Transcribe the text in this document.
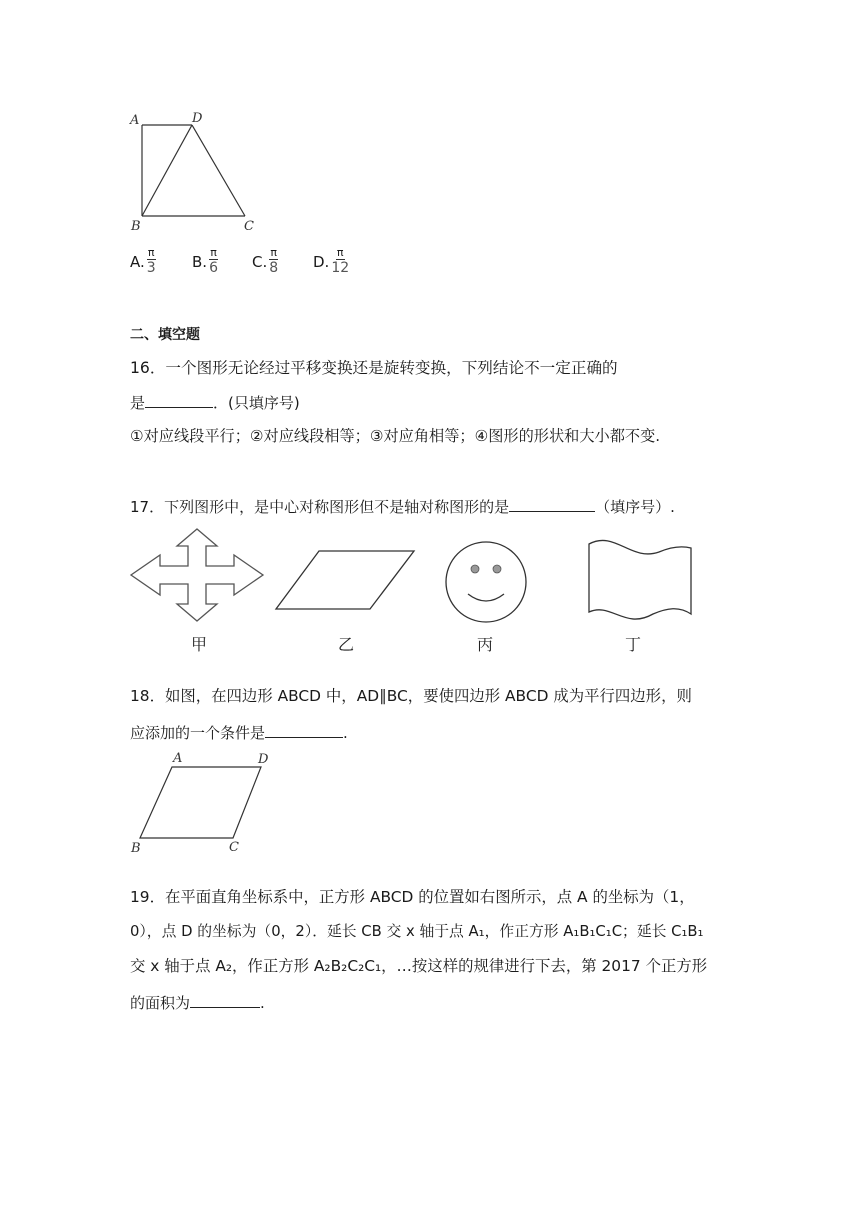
A	D
B	C
A. $\frac{\pi}{3} B$. $\frac{\pi}{6} C$. $\frac{\pi}{8} D$. $\frac{\pi}{12}$
二、填空题
16．一个图形无论经过平移变换还是旋转变换，下列结论不一定正确的
是	．(只填序号)
①对应线段平行；②对应线段相等；③对应角相等；④图形的形状和大小都不变.
17．下列图形中，是中心对称图形但不是轴对称图形的是	（填序号）.
甲	乙	丙	丁
18．如图，在四边形 ABCD 中，AD∥BC，要使四边形 ABCD 成为平行四边形，则
应添加的一个条件是	.
A	D
B	C
19．在平面直角坐标系中，正方形 ABCD 的位置如右图所示，点 A 的坐标为（1，
0），点 D 的坐标为（0，2）．延长 CB 交 x 轴于点 A₁，作正方形 A₁B₁C₁C；延长 C₁B₁
交 x 轴于点 A₂，作正方形 A₂B₂C₂C₁，…按这样的规律进行下去，第 2017 个正方形
的面积为	.
